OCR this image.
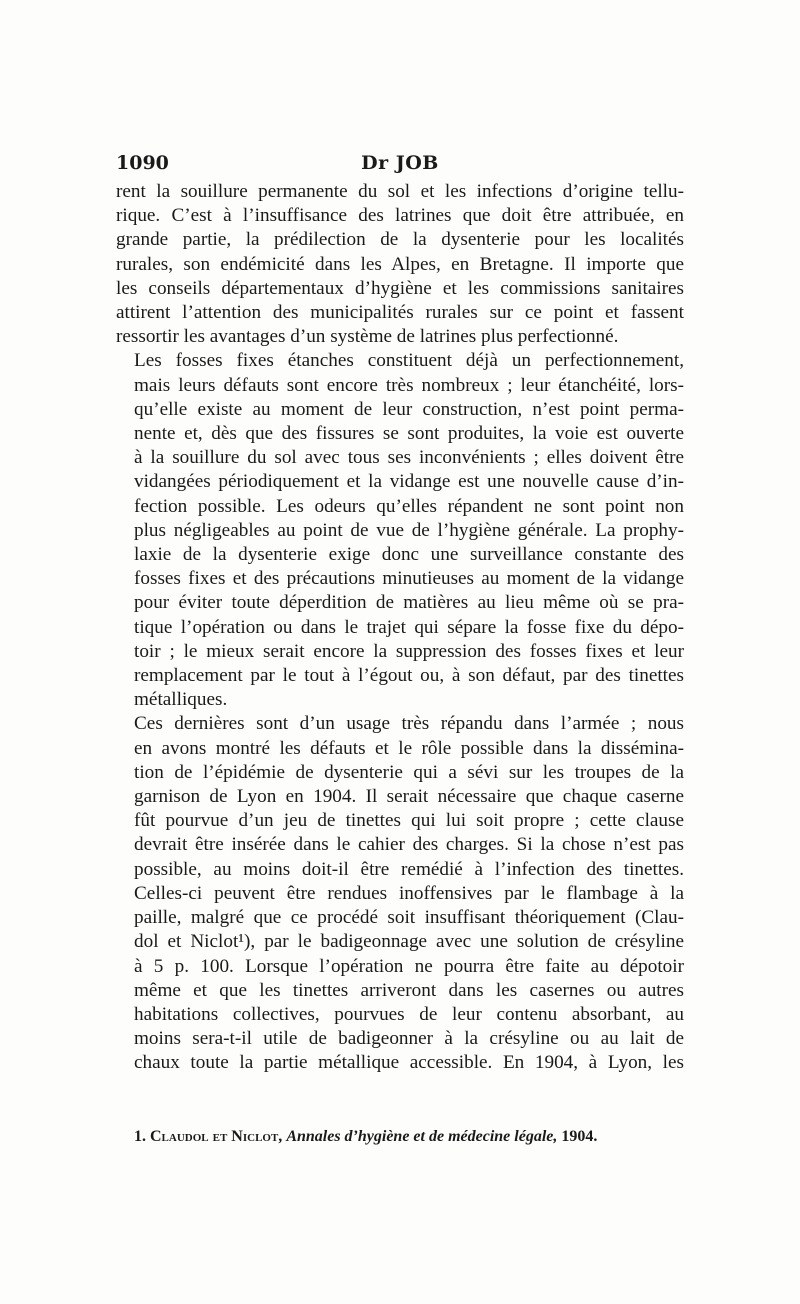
1090	Dr JOB

rent la souillure permanente du sol et les infections d’origine tellu-
rique. C’est à l’insuffisance des latrines que doit être attribuée, en
grande partie, la prédilection de la dysenterie pour les localités
rurales, son endémicité dans les Alpes, en Bretagne. Il importe que
les conseils départementaux d’hygiène et les commissions sanitaires
attirent l’attention des municipalités rurales sur ce point et fassent
ressortir les avantages d’un système de latrines plus perfectionné.

Les fosses fixes étanches constituent déjà un perfectionnement,
mais leurs défauts sont encore très nombreux ; leur étanchéité, lors-
qu’elle existe au moment de leur construction, n’est point perma-
nente et, dès que des fissures se sont produites, la voie est ouverte
à la souillure du sol avec tous ses inconvénients ; elles doivent être
vidangées périodiquement et la vidange est une nouvelle cause d’in-
fection possible. Les odeurs qu’elles répandent ne sont point non
plus négligeables au point de vue de l’hygiène générale. La prophy-
laxie de la dysenterie exige donc une surveillance constante des
fosses fixes et des précautions minutieuses au moment de la vidange
pour éviter toute déperdition de matières au lieu même où se pra-
tique l’opération ou dans le trajet qui sépare la fosse fixe du dépo-
toir ; le mieux serait encore la suppression des fosses fixes et leur
remplacement par le tout à l’égout ou, à son défaut, par des tinettes
métalliques.

Ces dernières sont d’un usage très répandu dans l’armée ; nous
en avons montré les défauts et le rôle possible dans la dissémina-
tion de l’épidémie de dysenterie qui a sévi sur les troupes de la
garnison de Lyon en 1904. Il serait nécessaire que chaque caserne
fût pourvue d’un jeu de tinettes qui lui soit propre ; cette clause
devrait être insérée dans le cahier des charges. Si la chose n’est pas
possible, au moins doit-il être remédié à l’infection des tinettes.
Celles-ci peuvent être rendues inoffensives par le flambage à la
paille, malgré que ce procédé soit insuffisant théoriquement (Clau-
dol et Niclot¹), par le badigeonnage avec une solution de crésyline
à 5 p. 100. Lorsque l’opération ne pourra être faite au dépotoir
même et que les tinettes arriveront dans les casernes ou autres
habitations collectives, pourvues de leur contenu absorbant, au
moins sera-t-il utile de badigeonner à la crésyline ou au lait de
chaux toute la partie métallique accessible. En 1904, à Lyon, les

1. Claudol et Niclot, Annales d’hygiène et de médecine légale, 1904.
